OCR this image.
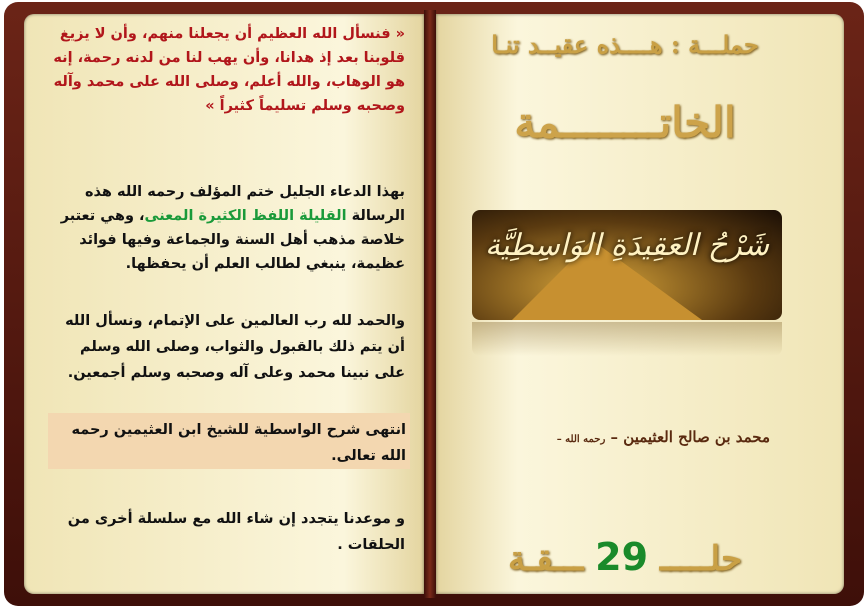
حملـــة : هــــذه عقيــد تنـا
الخاتــــــــمة
شَرْحُ العَقِيدَةِ الوَاسِطِيَّة
محمد بن صالح العثيمين – رحمه الله –
حلـــــ 29 ـــقـة
« فنسأل الله العظيم أن يجعلنا منهم، وأن لا يزيغ قلوبنا بعد إذ هدانا، وأن يهب لنا من لدنه رحمة، إنه هو الوهاب، والله أعلم، وصلى الله على محمد وآله وصحبه وسلم تسليماً كثيراً »
بهذا الدعاء الجليل ختم المؤلف رحمه الله هذه الرسالة القليلة اللفظ الكثيرة المعنى، وهي تعتبر خلاصة مذهب أهل السنة والجماعة وفيها فوائد عظيمة، ينبغي لطالب العلم أن يحفظها.
والحمد لله رب العالمين على الإتمام، ونسأل الله أن يتم ذلك بالقبول والثواب، وصلى الله وسلم على نبينا محمد وعلى آله وصحبه وسلم أجمعين.
انتهى شرح الواسطية للشيخ ابن العثيمين رحمه الله تعالى.
و موعدنا يتجدد إن شاء الله مع سلسلة أخرى من الحلقات .
